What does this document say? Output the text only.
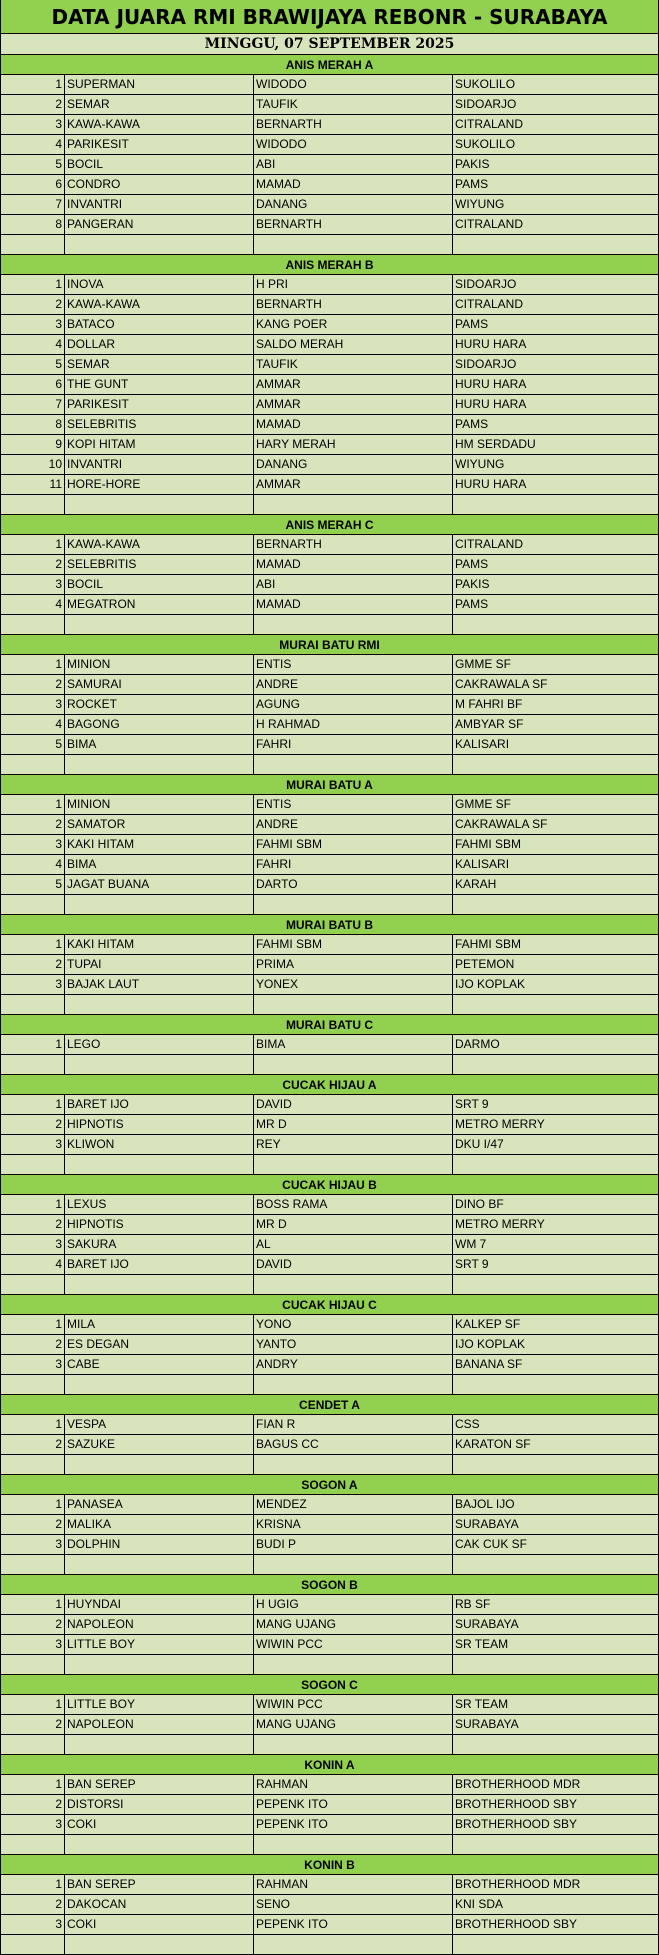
DATA JUARA RMI BRAWIJAYA REBONR - SURABAYA
MINGGU, 07 SEPTEMBER 2025
ANIS MERAH A
1 SUPERMAN	WIDODO	SUKOLILO
2 SEMAR	TAUFIK	SIDOARJO
3 KAWA-KAWA	BERNARTH	CITRALAND
4 PARIKESIT	WIDODO	SUKOLILO
5 BOCIL	ABI	PAKIS
6 CONDRO	MAMAD	PAMS
7 INVANTRI	DANANG	WIYUNG
8 PANGERAN	BERNARTH	CITRALAND
ANIS MERAH B
1 INOVA	H PRI	SIDOARJO
2 KAWA-KAWA	BERNARTH	CITRALAND
3 BATACO	KANG POER	PAMS
4 DOLLAR	SALDO MERAH	HURU HARA
5 SEMAR	TAUFIK	SIDOARJO
6 THE GUNT	AMMAR	HURU HARA
7 PARIKESIT	AMMAR	HURU HARA
8 SELEBRITIS	MAMAD	PAMS
9 KOPI HITAM	HARY MERAH	HM SERDADU
10 INVANTRI	DANANG	WIYUNG
11 HORE-HORE	AMMAR	HURU HARA
ANIS MERAH C
1 KAWA-KAWA	BERNARTH	CITRALAND
2 SELEBRITIS	MAMAD	PAMS
3 BOCIL	ABI	PAKIS
4 MEGATRON	MAMAD	PAMS
MURAI BATU RMI
1 MINION	ENTIS	GMME SF
2 SAMURAI	ANDRE	CAKRAWALA SF
3 ROCKET	AGUNG	M FAHRI BF
4 BAGONG	H RAHMAD	AMBYAR SF
5 BIMA	FAHRI	KALISARI
MURAI BATU A
1 MINION	ENTIS	GMME SF
2 SAMATOR	ANDRE	CAKRAWALA SF
3 KAKI HITAM	FAHMI SBM	FAHMI SBM
4 BIMA	FAHRI	KALISARI
5 JAGAT BUANA	DARTO	KARAH
MURAI BATU B
1 KAKI HITAM	FAHMI SBM	FAHMI SBM
2 TUPAI	PRIMA	PETEMON
3 BAJAK LAUT	YONEX	IJO KOPLAK
MURAI BATU C
1 LEGO	BIMA	DARMO
CUCAK HIJAU A
1 BARET IJO	DAVID	SRT 9
2 HIPNOTIS	MR D	METRO MERRY
3 KLIWON	REY	DKU I/47
CUCAK HIJAU B
1 LEXUS	BOSS RAMA	DINO BF
2 HIPNOTIS	MR D	METRO MERRY
3 SAKURA	AL	WM 7
4 BARET IJO	DAVID	SRT 9
CUCAK HIJAU C
1 MILA	YONO	KALKEP SF
2 ES DEGAN	YANTO	IJO KOPLAK
3 CABE	ANDRY	BANANA SF
CENDET A
1 VESPA	FIAN R	CSS
2 SAZUKE	BAGUS CC	KARATON SF
SOGON A
1 PANASEA	MENDEZ	BAJOL IJO
2 MALIKA	KRISNA	SURABAYA
3 DOLPHIN	BUDI P	CAK CUK SF
SOGON B
1 HUYNDAI	H UGIG	RB SF
2 NAPOLEON	MANG UJANG	SURABAYA
3 LITTLE BOY	WIWIN PCC	SR TEAM
SOGON C
1 LITTLE BOY	WIWIN PCC	SR TEAM
2 NAPOLEON	MANG UJANG	SURABAYA
KONIN A
1 BAN SEREP	RAHMAN	BROTHERHOOD MDR
2 DISTORSI	PEPENK ITO	BROTHERHOOD SBY
3 COKI	PEPENK ITO	BROTHERHOOD SBY
KONIN B
1 BAN SEREP	RAHMAN	BROTHERHOOD MDR
2 DAKOCAN	SENO	KNI SDA
3 COKI	PEPENK ITO	BROTHERHOOD SBY
